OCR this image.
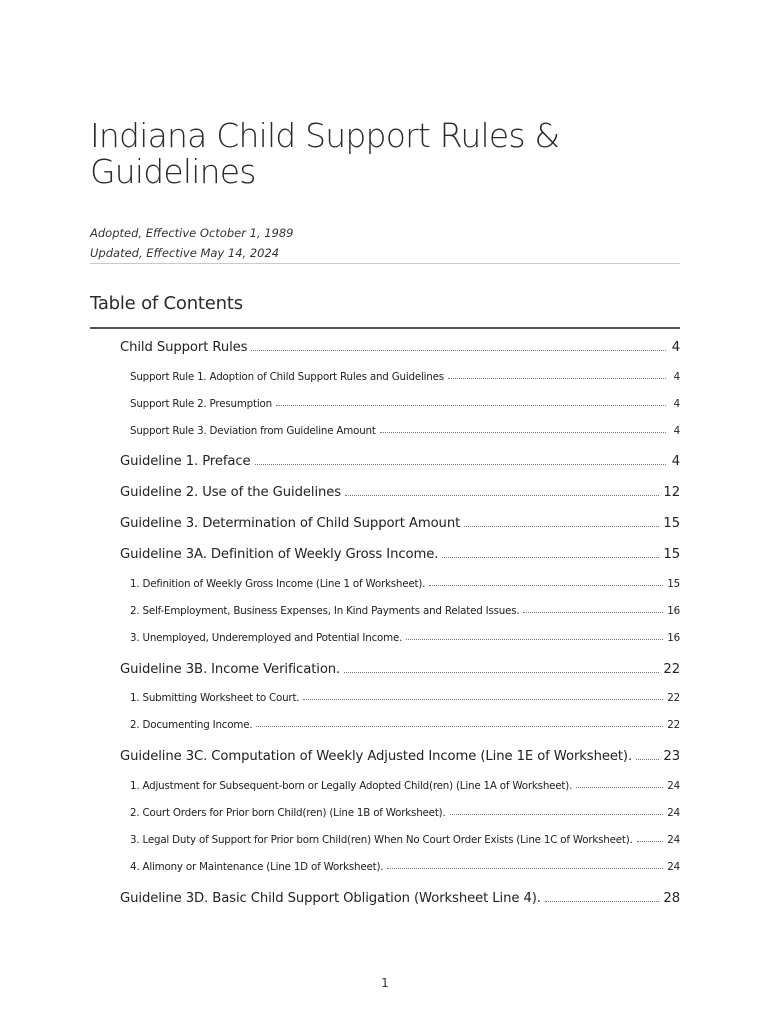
Indiana Child Support Rules &
Guidelines
Adopted, Effective October 1, 1989
Updated, Effective May 14, 2024
Table of Contents
Child Support Rules	4
Support Rule 1. Adoption of Child Support Rules and Guidelines	4
Support Rule 2. Presumption	4
Support Rule 3. Deviation from Guideline Amount	4
Guideline 1. Preface	4
Guideline 2. Use of the Guidelines	12
Guideline 3. Determination of Child Support Amount	15
Guideline 3A. Definition of Weekly Gross Income.	15
1. Definition of Weekly Gross Income (Line 1 of Worksheet).	15
2. Self-Employment, Business Expenses, In Kind Payments and Related Issues.	16
3. Unemployed, Underemployed and Potential Income.	16
Guideline 3B. Income Verification.	22
1. Submitting Worksheet to Court.	22
2. Documenting Income.	22
Guideline 3C. Computation of Weekly Adjusted Income (Line 1E of Worksheet). 23
1. Adjustment for Subsequent-born or Legally Adopted Child(ren) (Line 1A of Worksheet).	24
2. Court Orders for Prior born Child(ren) (Line 1B of Worksheet).	24
3. Legal Duty of Support for Prior born Child(ren) When No Court Order Exists (Line 1C of Worksheet).	24
4. Alimony or Maintenance (Line 1D of Worksheet).	24
Guideline 3D. Basic Child Support Obligation (Worksheet Line 4).	28
1
